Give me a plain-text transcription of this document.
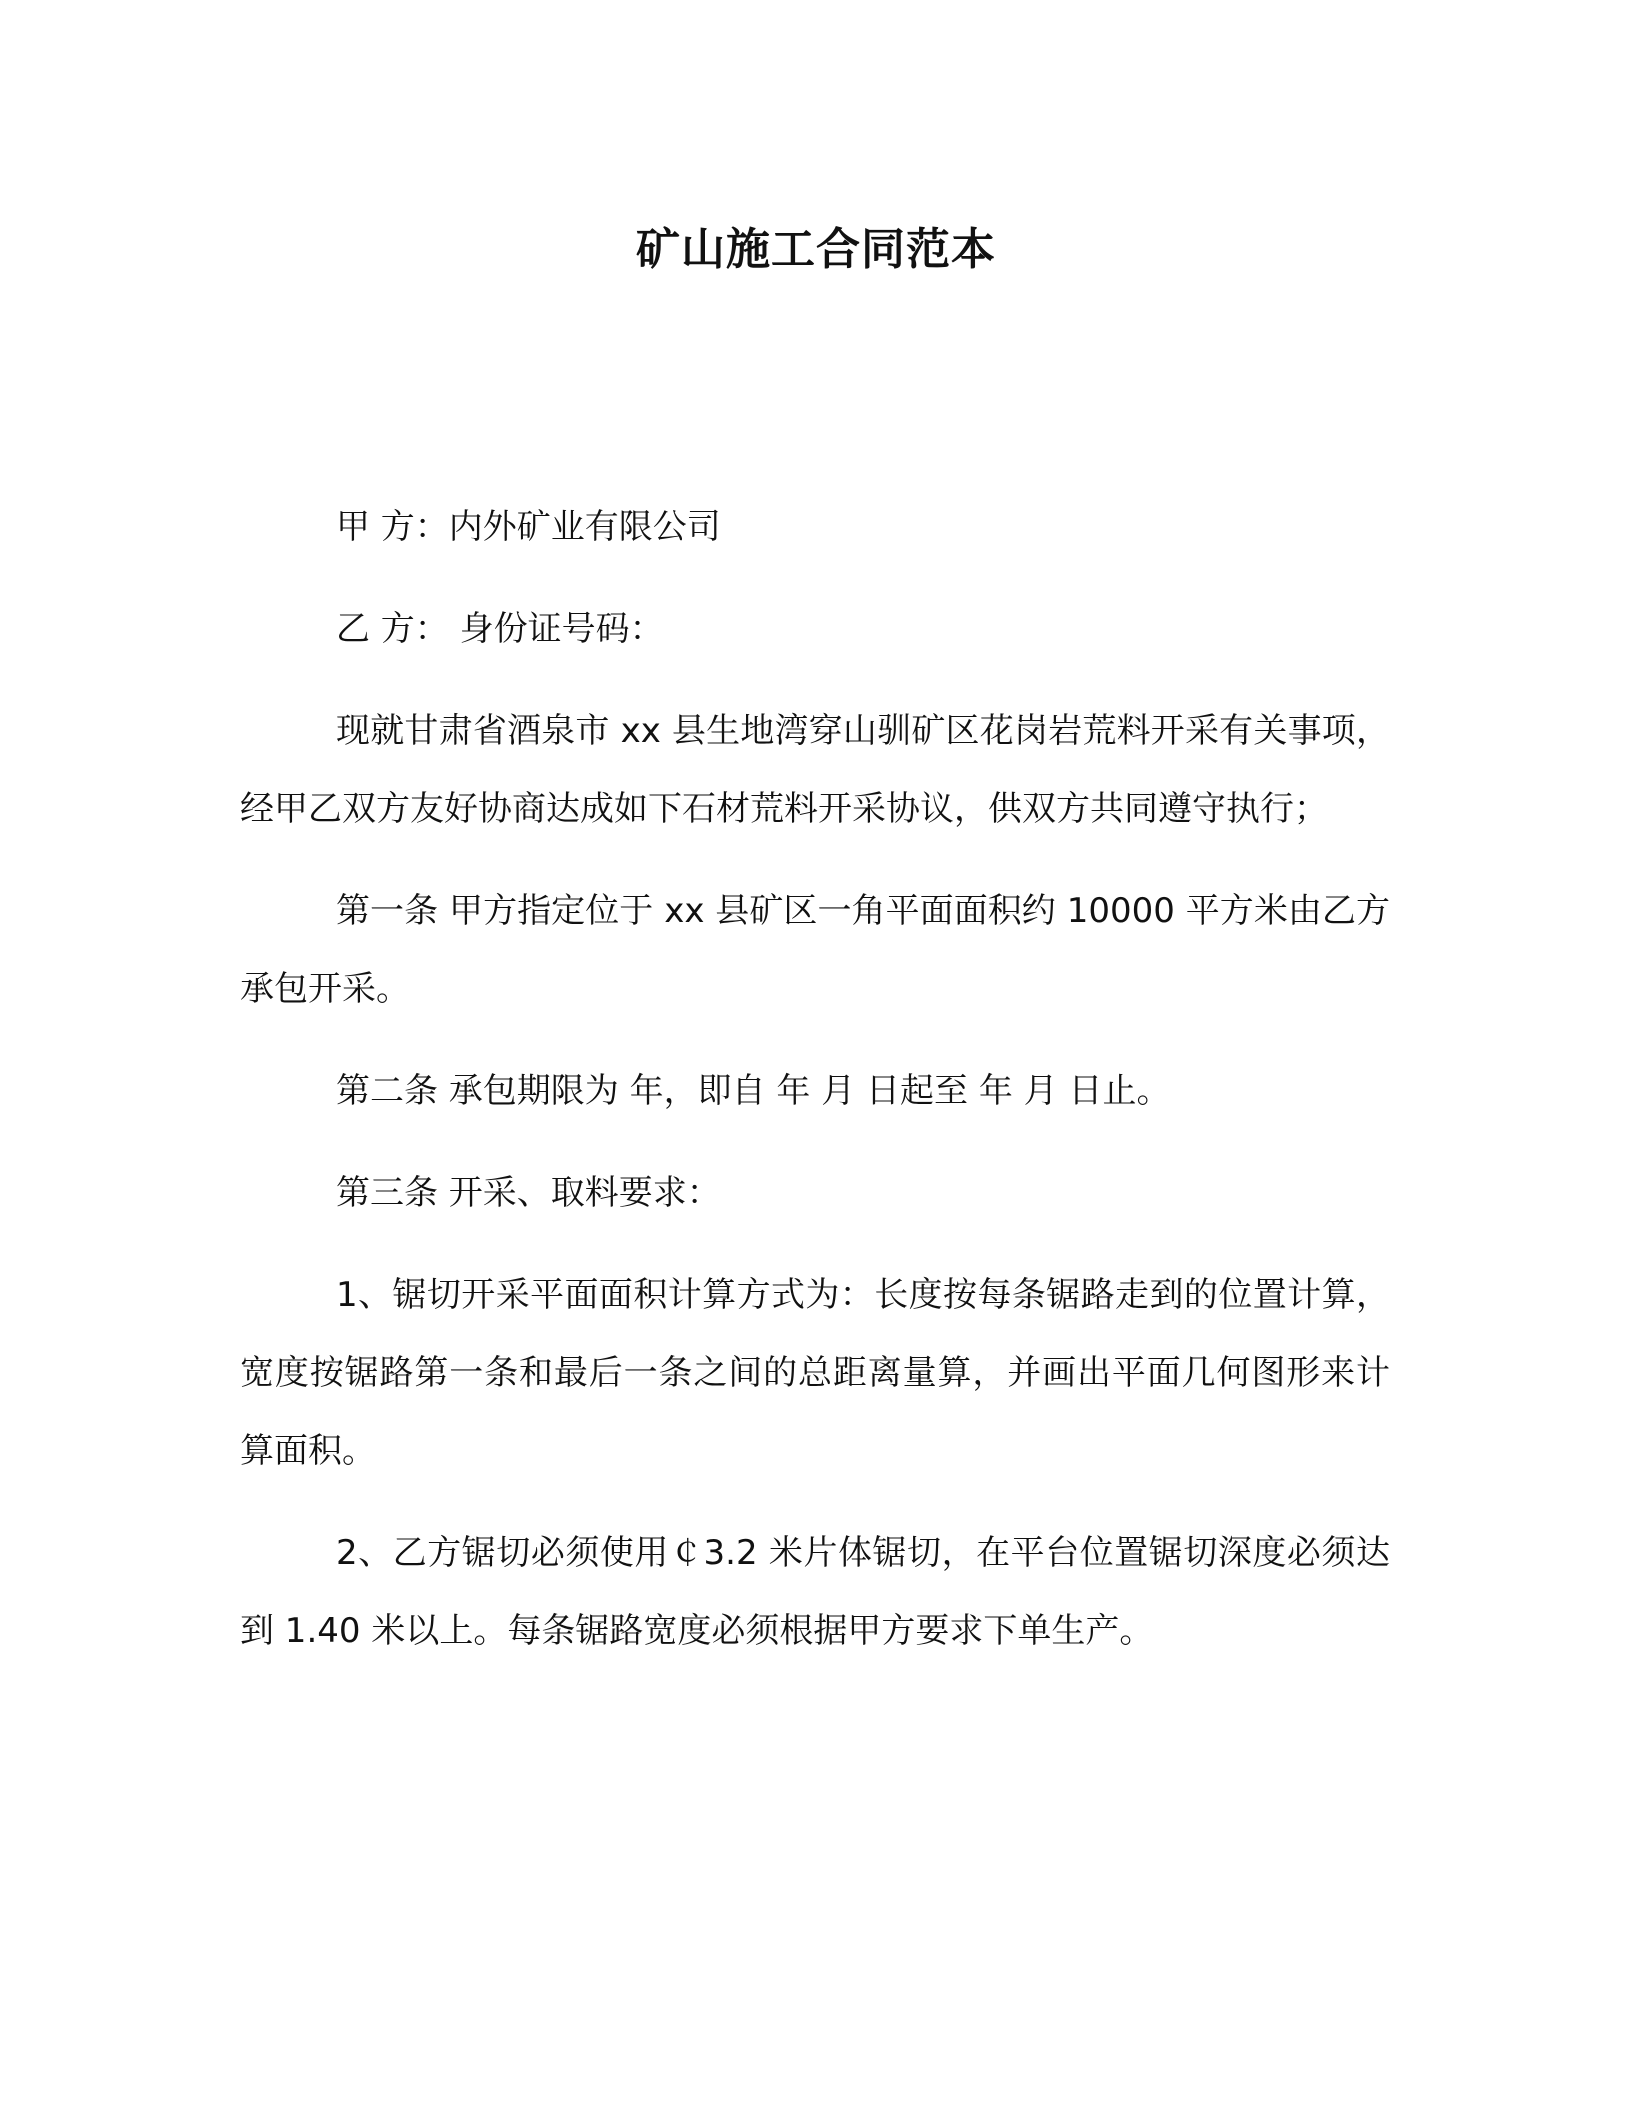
矿山施工合同范本

甲 方：内外矿业有限公司

乙 方： 身份证号码：

现就甘肃省酒泉市 xx 县生地湾穿山驯矿区花岗岩荒料开采有关事项，经甲乙双方友好协商达成如下石材荒料开采协议，供双方共同遵守执行；

第一条 甲方指定位于 xx 县矿区一角平面面积约 10000 平方米由乙方承包开采。

第二条 承包期限为 年，即自 年 月 日起至 年 月 日止。

第三条 开采、取料要求：

1、锯切开采平面面积计算方式为：长度按每条锯路走到的位置计算，宽度按锯路第一条和最后一条之间的总距离量算，并画出平面几何图形来计算面积。

2、乙方锯切必须使用￠3.2 米片体锯切，在平台位置锯切深度必须达到 1.40 米以上。每条锯路宽度必须根据甲方要求下单生产。
